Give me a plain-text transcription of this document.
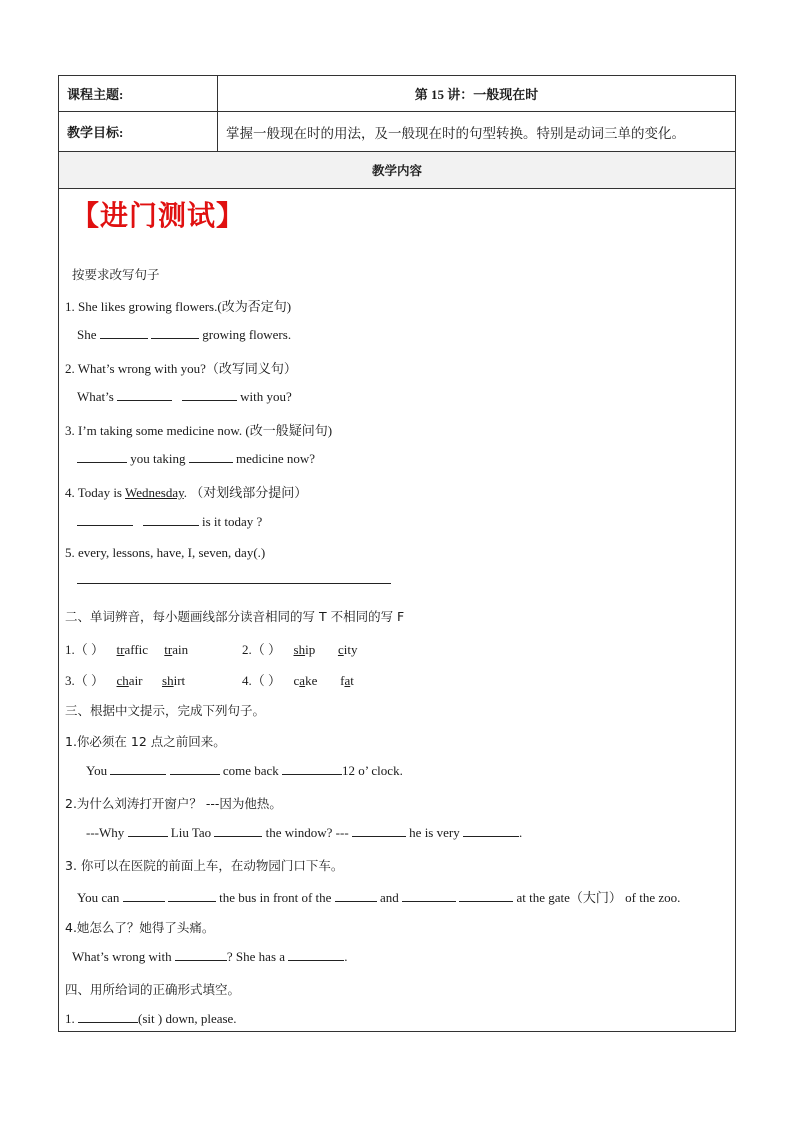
课程主题:	第 15 讲：一般现在时
教学目标:	掌握一般现在时的用法，及一般现在时的句型转换。特别是动词三单的变化。
教学内容
【进门测试】
按要求改写句子
1. She likes growing flowers.(改为否定句)
She	growing flowers.
2. What’s wrong with you?（改写同义句）
What’s	with you?
3. I’m taking some medicine now. (改一般疑问句)
you taking	medicine now?
4. Today is Wednesday. （对划线部分提问）
is it today ?
5. every, lessons, have, I, seven, day(.)
二、单词辨音，每小题画线部分读音相同的写 T 不相同的写 F
1.（ ） traffic train	2.（ ） ship city
3.（ ） chair shirt	4.（ ） cake fat
三、根据中文提示，完成下列句子。
1.你必须在 12 点之前回来。
You	come back	12 o’ clock.
2.为什么刘涛打开窗户？ ---因为他热。
---Why	Liu Tao	the window? ---	he is very	.
3. 你可以在医院的前面上车，在动物园门口下车。
You can	the bus in front of the	and	at the gate（大门） of the zoo.
4.她怎么了？她得了头痛。
What’s wrong with	? She has a	.
四、用所给词的正确形式填空。
1.	(sit ) down, please.
